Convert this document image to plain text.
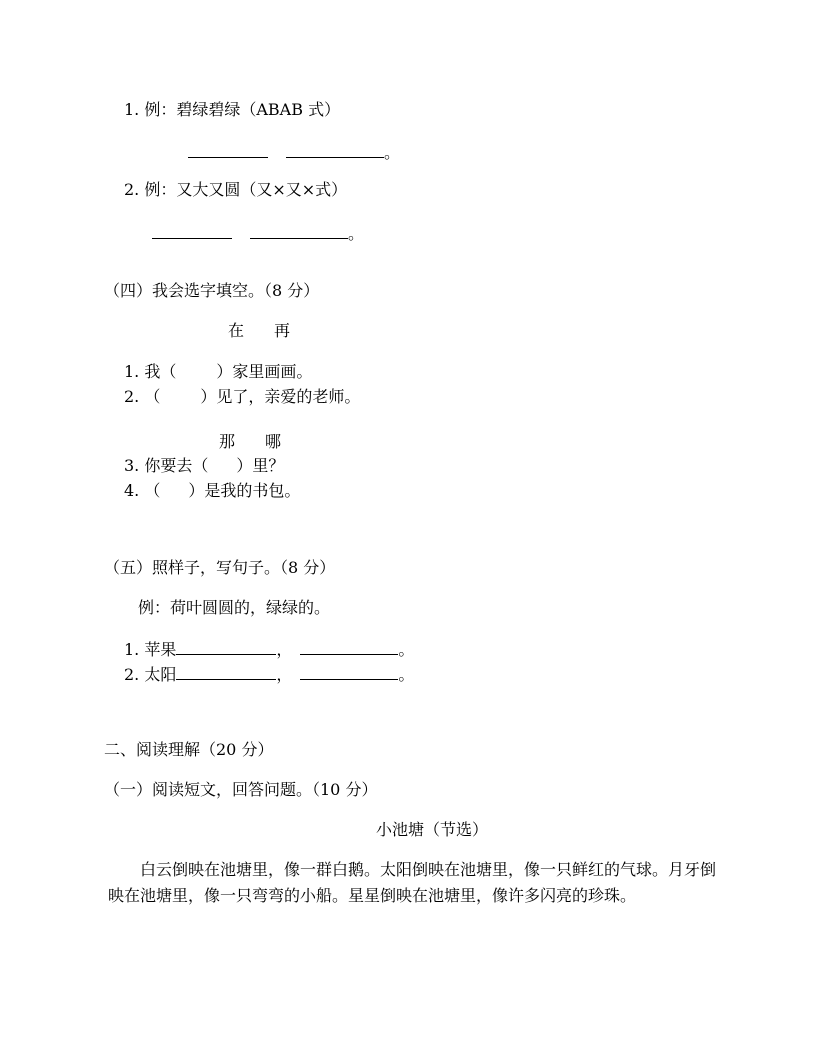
1. 例：碧绿碧绿（ABAB 式）
。
2. 例：又大又圆（又×又×式）
。
（四）我会选字填空。（8 分）
在 再
1. 我（	）家里画画。
2. （	）见了，亲爱的老师。
那 哪
3. 你要去（ ）里？
4. （ ）是我的书包。
（五）照样子，写句子。（8 分）
例：荷叶圆圆的，绿绿的。
1. 苹果	，	。
2. 太阳	，	。
二、阅读理解（20 分）
（一）阅读短文，回答问题。（10 分）
小池塘（节选）
白云倒映在池塘里，像一群白鹅。太阳倒映在池塘里，像一只鲜红的气球。月牙倒映在池塘里，像一只弯弯的小船。星星倒映在池塘里，像许多闪亮的珍珠。
